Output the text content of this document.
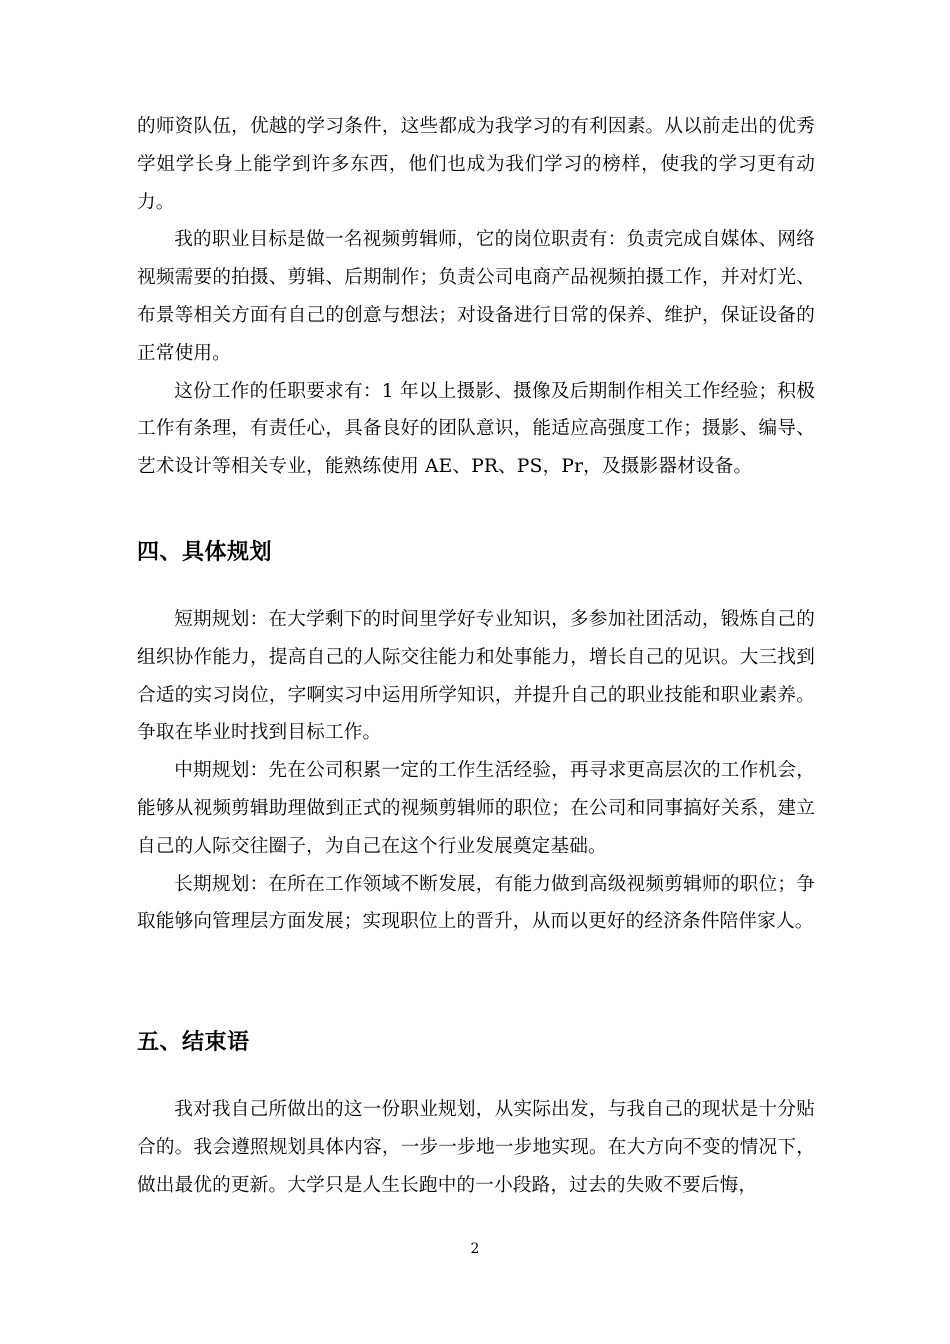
的师资队伍，优越的学习条件，这些都成为我学习的有利因素。从以前走出的优秀学姐学长身上能学到许多东西，他们也成为我们学习的榜样，使我的学习更有动力。

我的职业目标是做一名视频剪辑师，它的岗位职责有：负责完成自媒体、网络视频需要的拍摄、剪辑、后期制作；负责公司电商产品视频拍摄工作，并对灯光、布景等相关方面有自己的创意与想法；对设备进行日常的保养、维护，保证设备的正常使用。

这份工作的任职要求有：1 年以上摄影、摄像及后期制作相关工作经验；积极工作有条理，有责任心，具备良好的团队意识，能适应高强度工作；摄影、编导、艺术设计等相关专业，能熟练使用 AE、PR、PS，Pr，及摄影器材设备。

四、具体规划

短期规划：在大学剩下的时间里学好专业知识，多参加社团活动，锻炼自己的组织协作能力，提高自己的人际交往能力和处事能力，增长自己的见识。大三找到合适的实习岗位，字啊实习中运用所学知识，并提升自己的职业技能和职业素养。争取在毕业时找到目标工作。

中期规划：先在公司积累一定的工作生活经验，再寻求更高层次的工作机会，能够从视频剪辑助理做到正式的视频剪辑师的职位；在公司和同事搞好关系，建立自己的人际交往圈子，为自己在这个行业发展奠定基础。

长期规划：在所在工作领域不断发展，有能力做到高级视频剪辑师的职位；争取能够向管理层方面发展；实现职位上的晋升，从而以更好的经济条件陪伴家人。

五、结束语

我对我自己所做出的这一份职业规划，从实际出发，与我自己的现状是十分贴合的。我会遵照规划具体内容，一步一步地一步地实现。在大方向不变的情况下，做出最优的更新。大学只是人生长跑中的一小段路，过去的失败不要后悔，

2
